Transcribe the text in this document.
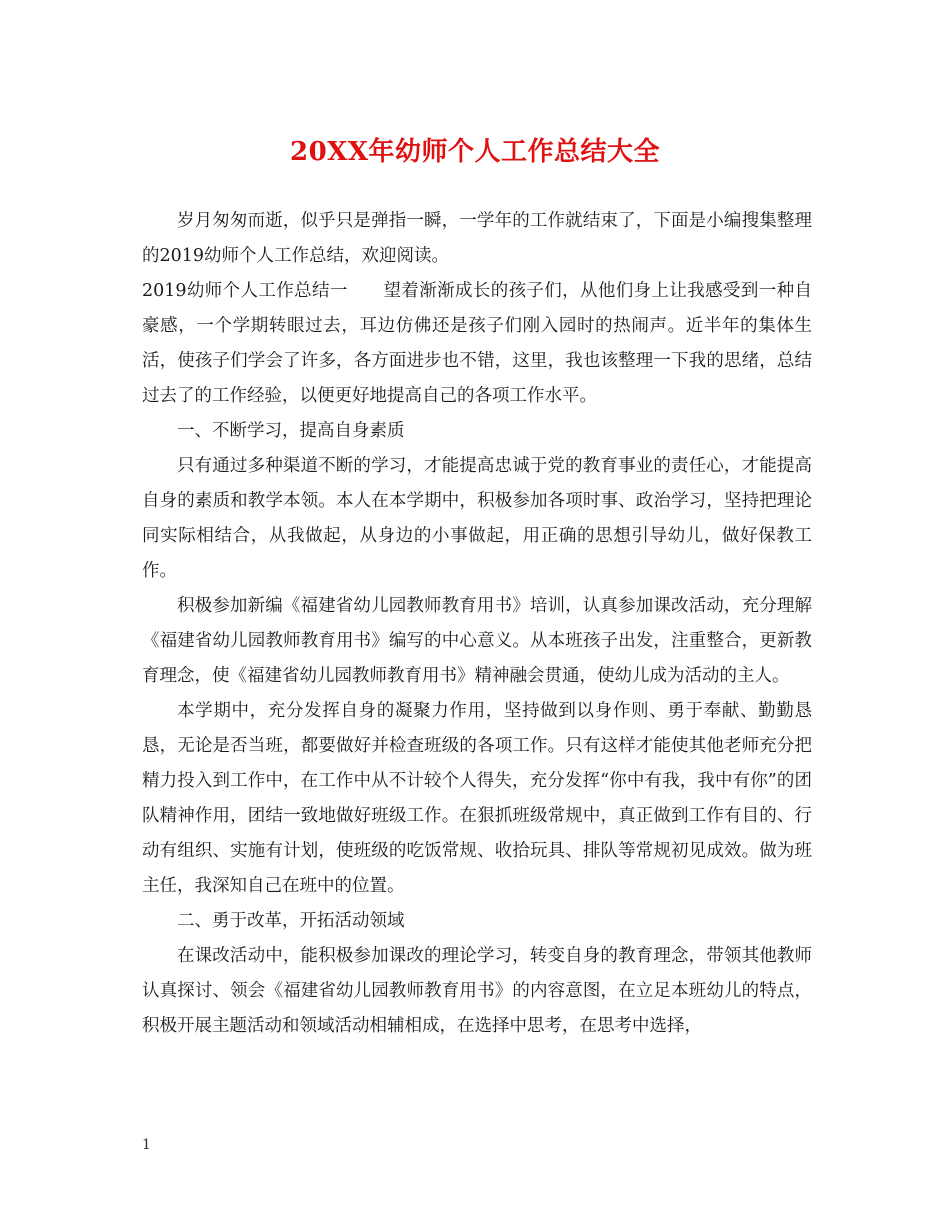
20XX年幼师个人工作总结大全

岁月匆匆而逝，似乎只是弹指一瞬，一学年的工作就结束了，下面是小编搜集整理的2019幼师个人工作总结，欢迎阅读。

2019幼师个人工作总结一　　望着渐渐成长的孩子们，从他们身上让我感受到一种自豪感，一个学期转眼过去，耳边仿佛还是孩子们刚入园时的热闹声。近半年的集体生活，使孩子们学会了许多，各方面进步也不错，这里，我也该整理一下我的思绪，总结过去了的工作经验，以便更好地提高自己的各项工作水平。

一、不断学习，提高自身素质

只有通过多种渠道不断的学习，才能提高忠诚于党的教育事业的责任心，才能提高自身的素质和教学本领。本人在本学期中，积极参加各项时事、政治学习，坚持把理论同实际相结合，从我做起，从身边的小事做起，用正确的思想引导幼儿，做好保教工作。

积极参加新编《福建省幼儿园教师教育用书》培训，认真参加课改活动，充分理解《福建省幼儿园教师教育用书》编写的中心意义。从本班孩子出发，注重整合，更新教育理念，使《福建省幼儿园教师教育用书》精神融会贯通，使幼儿成为活动的主人。

本学期中，充分发挥自身的凝聚力作用，坚持做到以身作则、勇于奉献、勤勤恳恳，无论是否当班，都要做好并检查班级的各项工作。只有这样才能使其他老师充分把精力投入到工作中，在工作中从不计较个人得失，充分发挥“你中有我，我中有你”的团队精神作用，团结一致地做好班级工作。在狠抓班级常规中，真正做到工作有目的、行动有组织、实施有计划，使班级的吃饭常规、收拾玩具、排队等常规初见成效。做为班主任，我深知自己在班中的位置。

二、勇于改革，开拓活动领域

在课改活动中，能积极参加课改的理论学习，转变自身的教育理念，带领其他教师认真探讨、领会《福建省幼儿园教师教育用书》的内容意图，在立足本班幼儿的特点，积极开展主题活动和领域活动相辅相成，在选择中思考，在思考中选择，

1
